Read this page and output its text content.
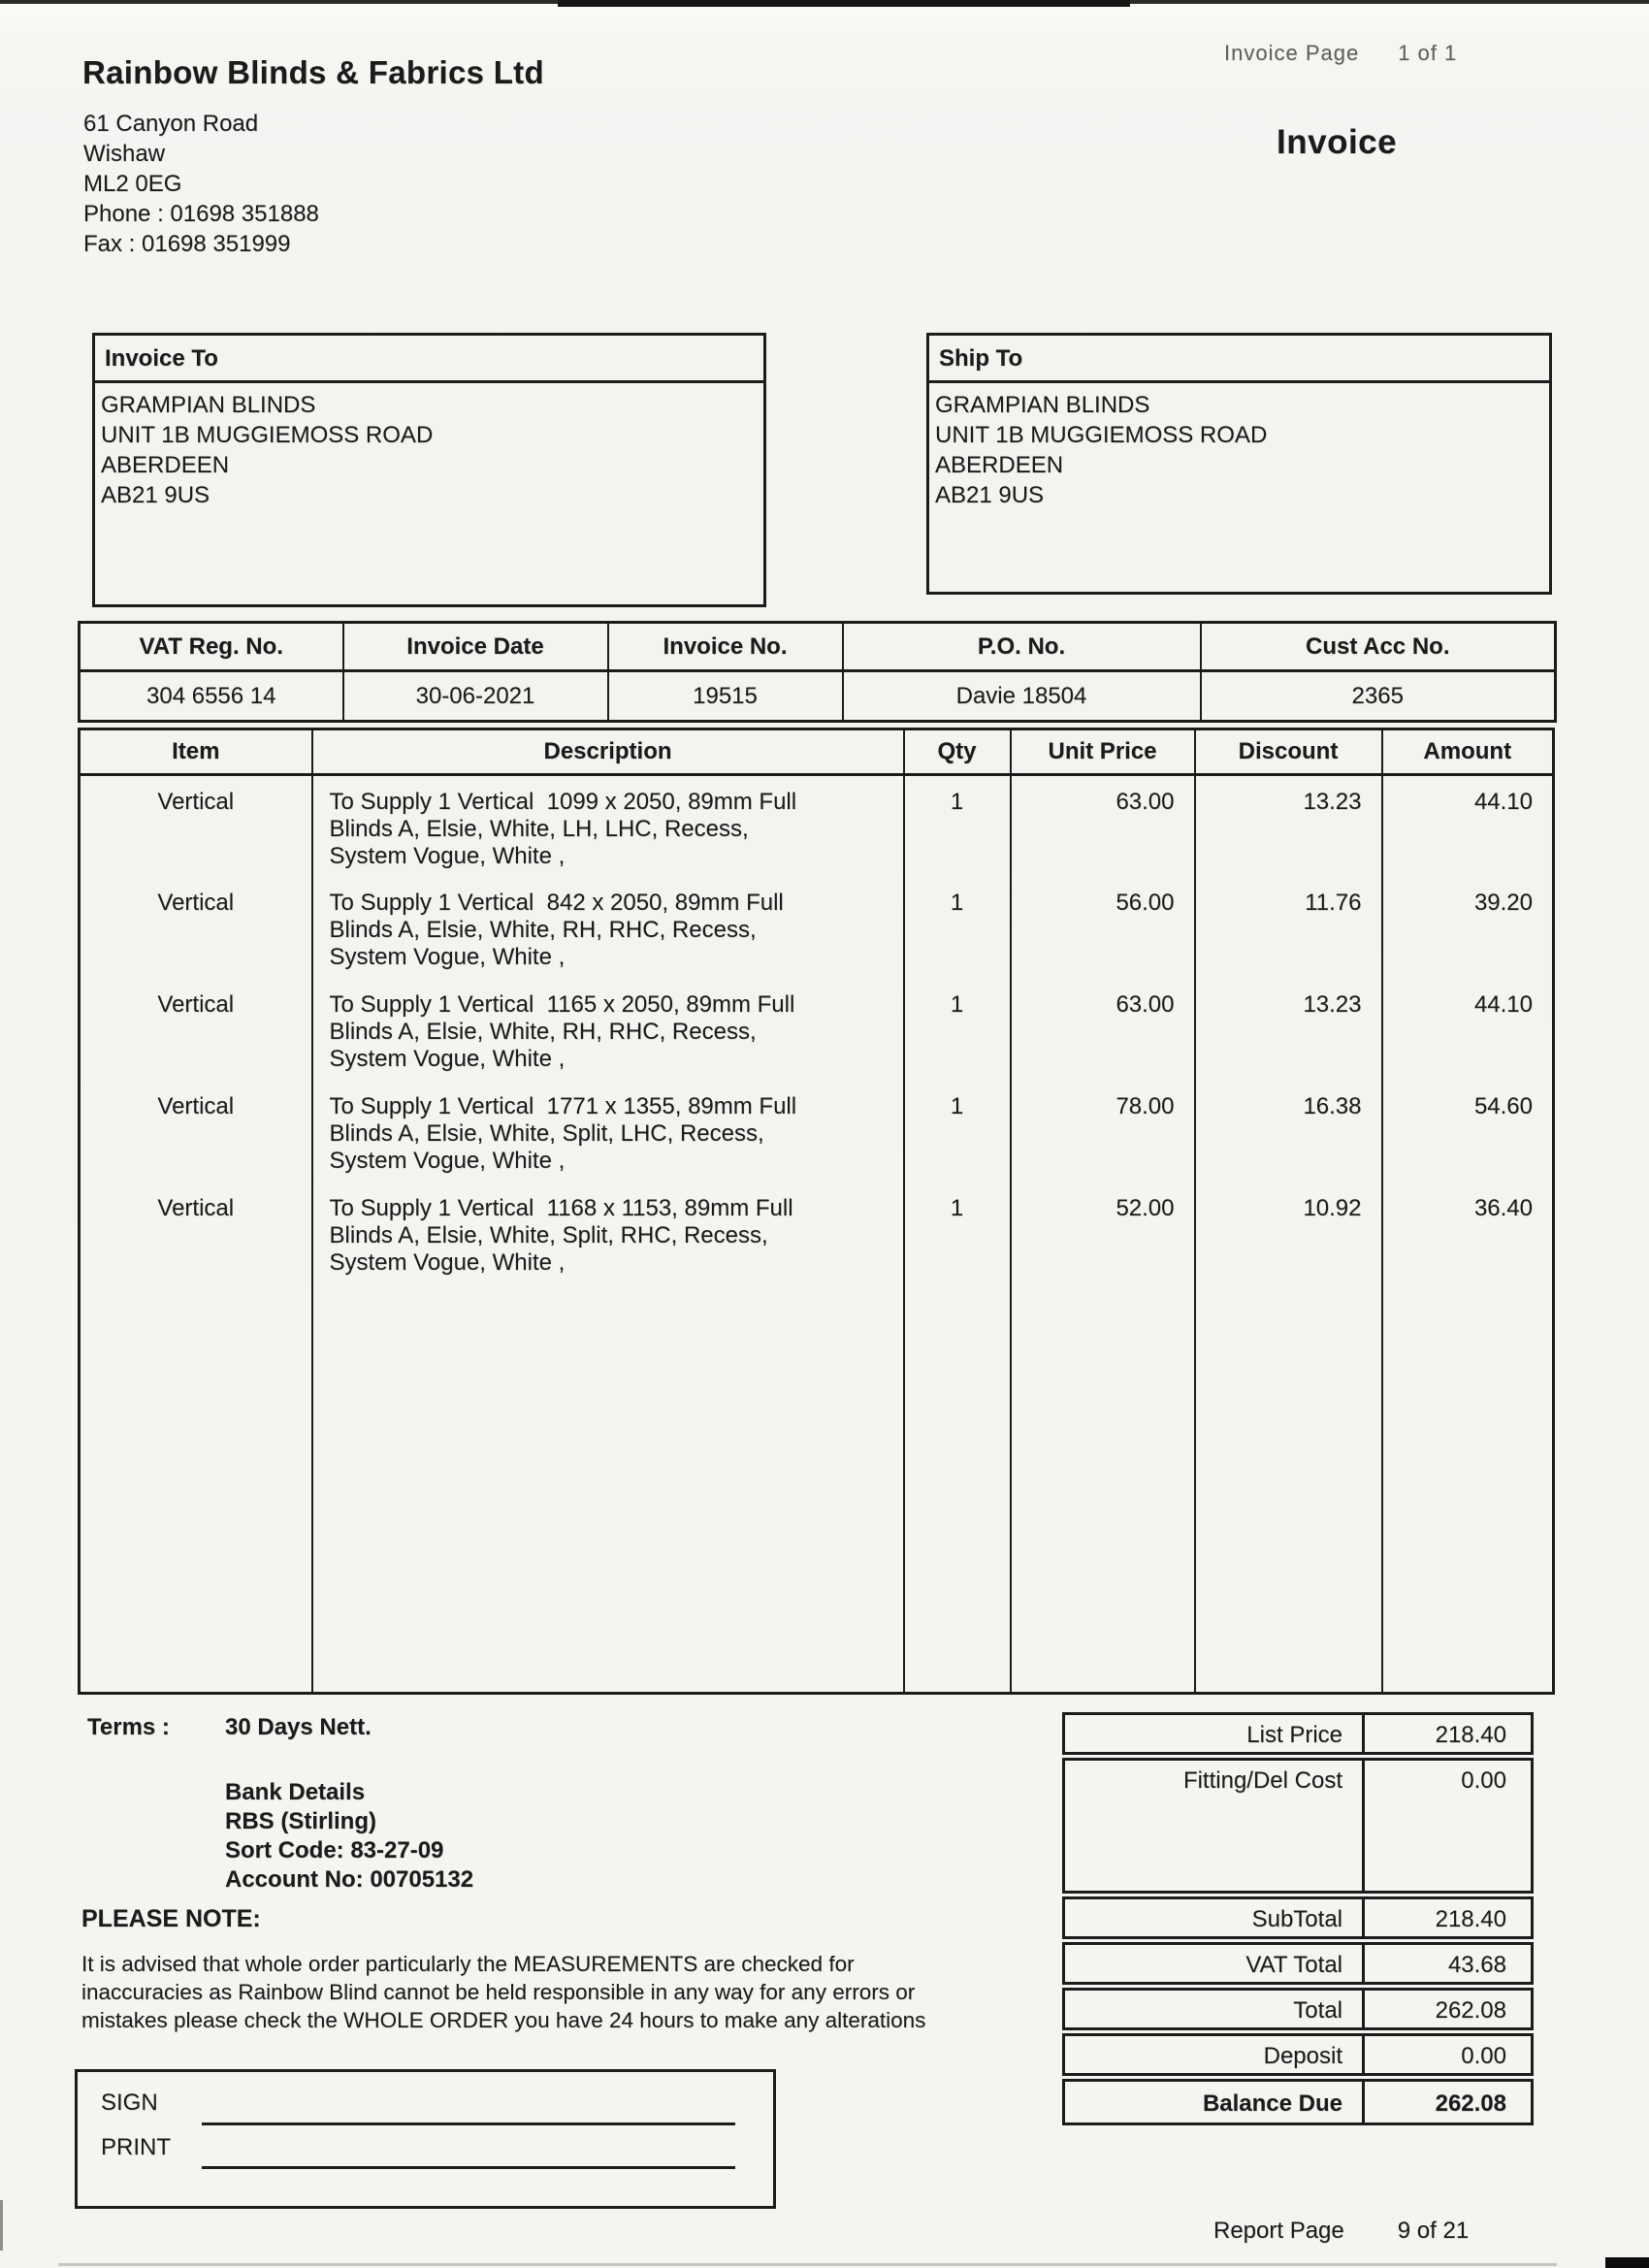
Rainbow Blinds & Fabrics Ltd
61 Canyon Road
Wishaw
ML2 0EG
Phone : 01698 351888
Fax : 01698 351999
Invoice Page 1 of 1
Invoice
Invoice To
GRAMPIAN BLINDS
UNIT 1B MUGGIEMOSS ROAD
ABERDEEN
AB21 9US
Ship To
GRAMPIAN BLINDS
UNIT 1B MUGGIEMOSS ROAD
ABERDEEN
AB21 9US
VAT Reg. No.	Invoice Date	Invoice No.	P.O. No.	Cust Acc No.
304 6556 14	30-06-2021	19515	Davie 18504	2365
Item	Description	Qty	Unit Price	Discount	Amount
Vertical	To Supply 1 Vertical  1099 x 2050, 89mm Full
Blinds A, Elsie, White, LH, LHC, Recess,
System Vogue, White ,	1	63.00	13.23	44.10
Vertical	To Supply 1 Vertical  842 x 2050, 89mm Full
Blinds A, Elsie, White, RH, RHC, Recess,
System Vogue, White ,	1	56.00	11.76	39.20
Vertical	To Supply 1 Vertical  1165 x 2050, 89mm Full
Blinds A, Elsie, White, RH, RHC, Recess,
System Vogue, White ,	1	63.00	13.23	44.10
Vertical	To Supply 1 Vertical  1771 x 1355, 89mm Full
Blinds A, Elsie, White, Split, LHC, Recess,
System Vogue, White ,	1	78.00	16.38	54.60
Vertical	To Supply 1 Vertical  1168 x 1153, 89mm Full
Blinds A, Elsie, White, Split, RHC, Recess,
System Vogue, White ,	1	52.00	10.92	36.40

Terms : 30 Days Nett.
Bank Details
RBS (Stirling)
Sort Code: 83-27-09
Account No: 00705132
PLEASE NOTE:
It is advised that whole order particularly the MEASUREMENTS are checked for inaccuracies as Rainbow Blind cannot be held responsible in any way for any errors or mistakes please check the WHOLE ORDER you have 24 hours to make any alterations
List Price	218.40
Fitting/Del Cost	0.00
SubTotal	218.40
VAT Total	43.68
Total	262.08
Deposit	0.00
Balance Due	262.08
SIGN
PRINT
Report Page 9 of 21
